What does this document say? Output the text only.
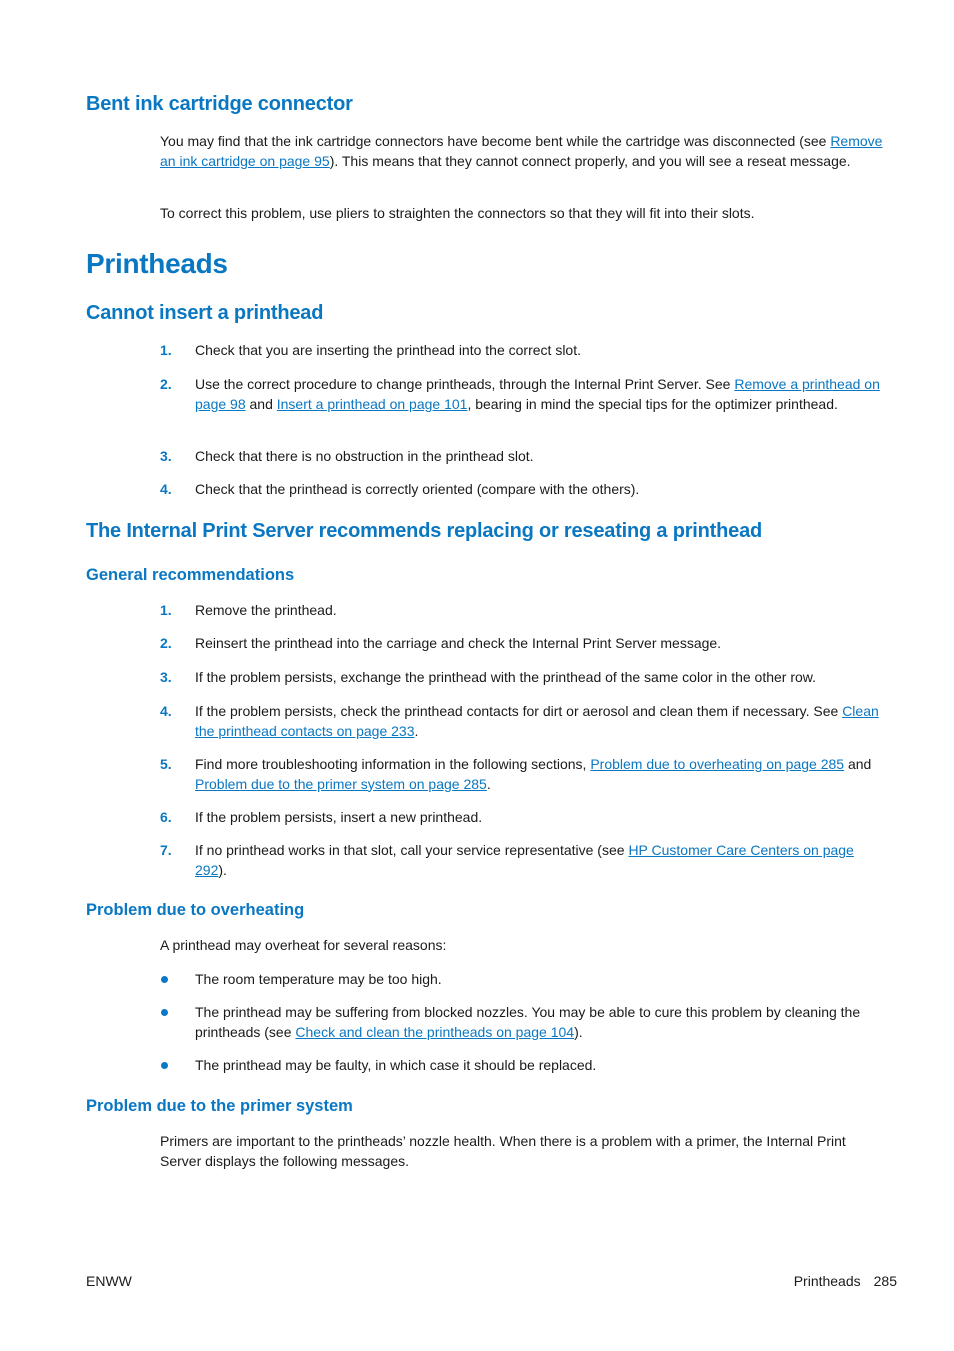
Bent ink cartridge connector
You may find that the ink cartridge connectors have become bent while the cartridge was disconnected (see Remove an ink cartridge on page 95). This means that they cannot connect properly, and you will see a reseat message.
To correct this problem, use pliers to straighten the connectors so that they will fit into their slots.
Printheads
Cannot insert a printhead
1. Check that you are inserting the printhead into the correct slot.
2. Use the correct procedure to change printheads, through the Internal Print Server. See Remove a printhead on page 98 and Insert a printhead on page 101, bearing in mind the special tips for the optimizer printhead.
3. Check that there is no obstruction in the printhead slot.
4. Check that the printhead is correctly oriented (compare with the others).
The Internal Print Server recommends replacing or reseating a printhead
General recommendations
1. Remove the printhead.
2. Reinsert the printhead into the carriage and check the Internal Print Server message.
3. If the problem persists, exchange the printhead with the printhead of the same color in the other row.
4. If the problem persists, check the printhead contacts for dirt or aerosol and clean them if necessary. See Clean the printhead contacts on page 233.
5. Find more troubleshooting information in the following sections, Problem due to overheating on page 285 and Problem due to the primer system on page 285.
6. If the problem persists, insert a new printhead.
7. If no printhead works in that slot, call your service representative (see HP Customer Care Centers on page 292).
Problem due to overheating
A printhead may overheat for several reasons:
The room temperature may be too high.
The printhead may be suffering from blocked nozzles. You may be able to cure this problem by cleaning the printheads (see Check and clean the printheads on page 104).
The printhead may be faulty, in which case it should be replaced.
Problem due to the primer system
Primers are important to the printheads’ nozzle health. When there is a problem with a primer, the Internal Print Server displays the following messages.
ENWW	Printheads 285
